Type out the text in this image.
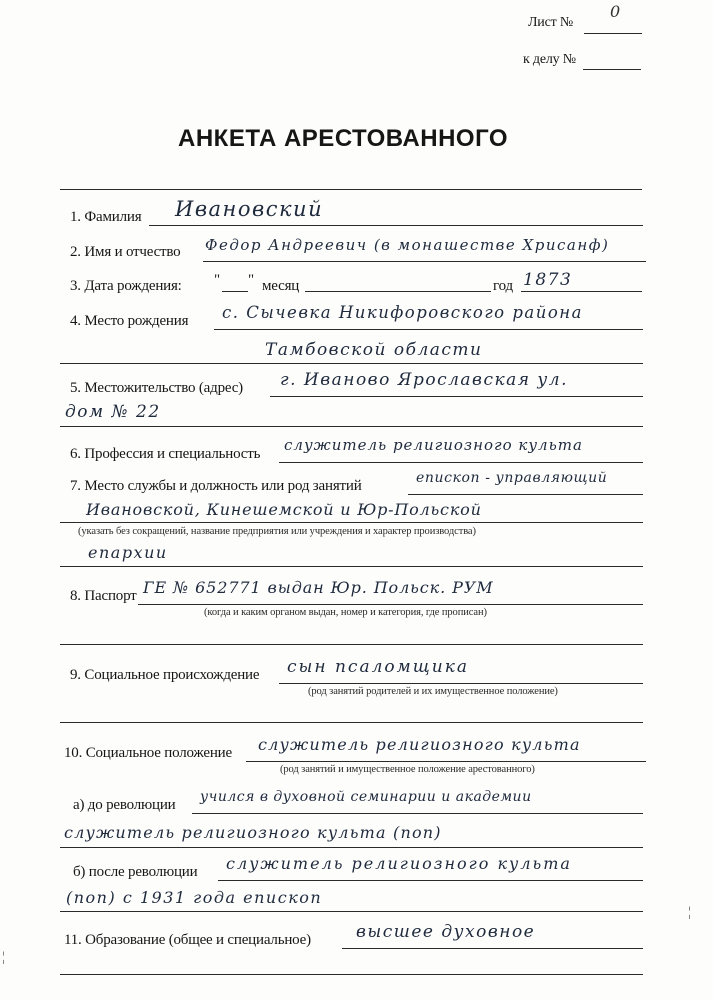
Лист №
0
к делу №
АНКЕТА АРЕСТОВАННОГО
1. Фамилия Ивановский
2. Имя и отчество Федор Андреевич (в монашестве Хрисанф)
3. Дата рождения: " " месяц	год 1873
4. Место рождения с. Сычевка Никифоровского района
Тамбовской области
5. Местожительство (адрес) г. Иваново Ярославская ул.
дом № 22
6. Профессия и специальность служитель религиозного культа
7. Место службы и должность или род занятий	епископ - управляющий
Ивановской, Кинешемской и Юр-Польской
(указать без сокращений, название предприятия или учреждения и характер производства)
епархии
8. Паспорт ГЕ № 652771 выдан Юр. Польск. РУМ
(когда и каким органом выдан, номер и категория, где прописан)
9. Социальное происхождение сын псаломщика
(род занятий родителей и их имущественное положение)
10. Социальное положение служитель религиозного культа
(род занятий и имущественное положение арестованного)
а) до революции учился в духовной семинарии и академии
служитель религиозного культа (поп)
б) после революции служитель религиозного культа
(поп) с 1931 года епископ
11. Образование (общее и специальное)	высшее духовное
¦
¦
